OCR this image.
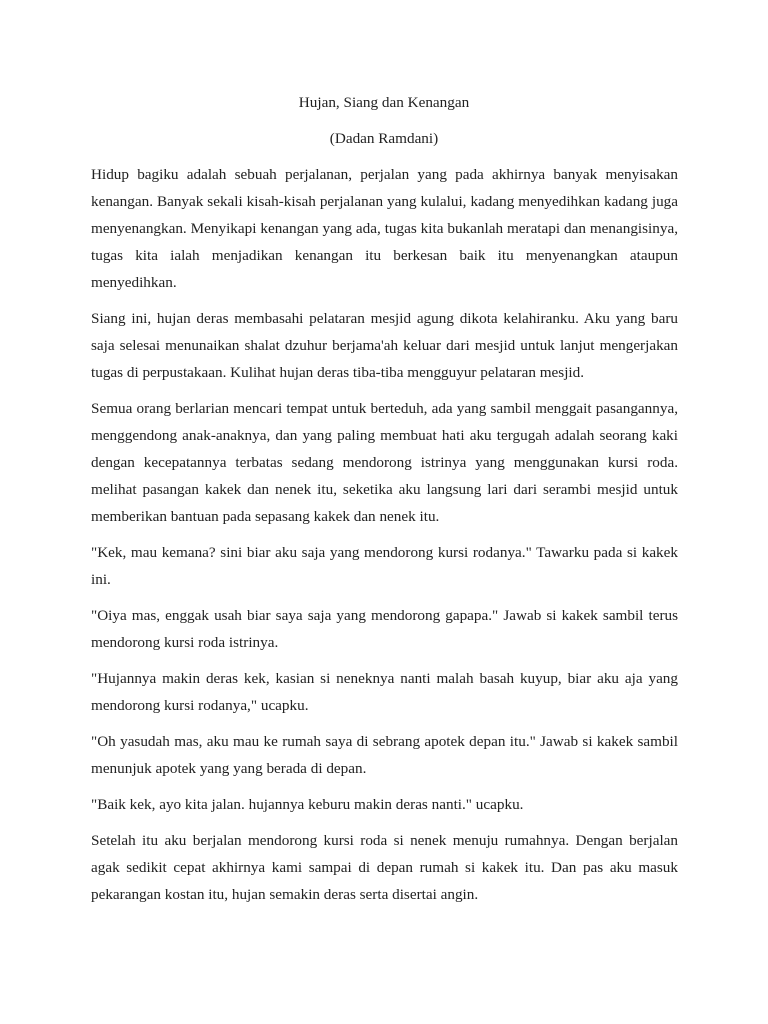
Hujan, Siang dan Kenangan

(Dadan Ramdani)

Hidup bagiku adalah sebuah perjalanan, perjalan yang pada akhirnya banyak menyisakan kenangan. Banyak sekali kisah-kisah perjalanan yang kulalui, kadang menyedihkan kadang juga menyenangkan. Menyikapi kenangan yang ada, tugas kita bukanlah meratapi dan menangisinya, tugas kita ialah menjadikan kenangan itu berkesan baik itu menyenangkan ataupun menyedihkan.

Siang ini, hujan deras membasahi pelataran mesjid agung dikota kelahiranku. Aku yang baru saja selesai menunaikan shalat dzuhur berjama'ah keluar dari mesjid untuk lanjut mengerjakan tugas di perpustakaan. Kulihat hujan deras tiba-tiba mengguyur pelataran mesjid.

Semua orang berlarian mencari tempat untuk berteduh, ada yang sambil menggait pasangannya, menggendong anak-anaknya, dan yang paling membuat hati aku tergugah adalah seorang kaki dengan kecepatannya terbatas sedang mendorong istrinya yang menggunakan kursi roda. melihat pasangan kakek dan nenek itu, seketika aku langsung lari dari serambi mesjid untuk memberikan bantuan pada sepasang kakek dan nenek itu.

"Kek, mau kemana? sini biar aku saja yang mendorong kursi rodanya." Tawarku pada si kakek ini.

"Oiya mas, enggak usah biar saya saja yang mendorong gapapa." Jawab si kakek sambil terus mendorong kursi roda istrinya.

"Hujannya makin deras kek, kasian si neneknya nanti malah basah kuyup, biar aku aja yang mendorong kursi rodanya," ucapku.

"Oh yasudah mas, aku mau ke rumah saya di sebrang apotek depan itu." Jawab si kakek sambil menunjuk apotek yang yang berada di depan.

"Baik kek, ayo kita jalan. hujannya keburu makin deras nanti." ucapku.

Setelah itu aku berjalan mendorong kursi roda si nenek menuju rumahnya. Dengan berjalan agak sedikit cepat akhirnya kami sampai di depan rumah si kakek itu. Dan pas aku masuk pekarangan kostan itu, hujan semakin deras serta disertai angin.
